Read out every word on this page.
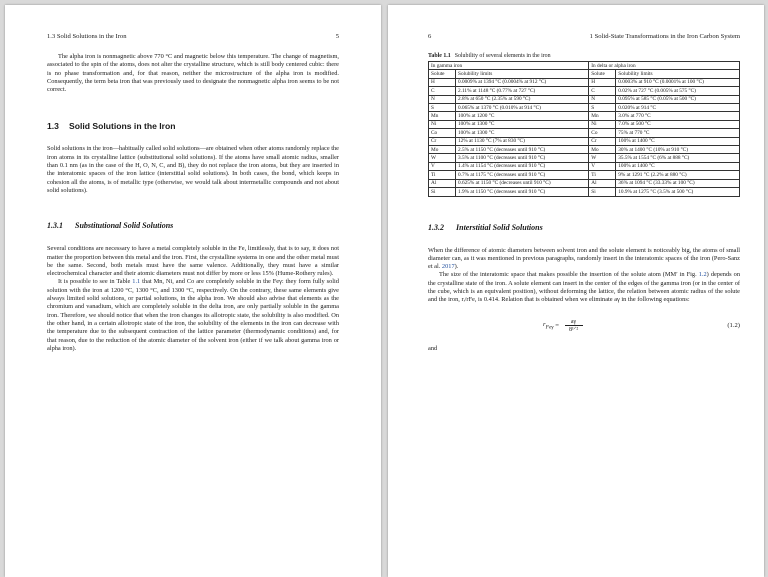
1.3 Solid Solutions in the Iron	5

The alpha iron is nonmagnetic above 770 °C and magnetic below this temperature. The change of magnetism, associated to the spin of the atoms, does not alter the crystalline structure, which is still body centered cubic: there is no phase transformation and, for that reason, neither the microstructure of the alpha iron is modified. Consequently, the term beta iron that was previously used to designate the nonmagnetic alpha iron seems to be not correct.

1.3 Solid Solutions in the Iron

Solid solutions in the iron—habitually called solid solutions—are obtained when other atoms randomly replace the iron atoms in its crystalline lattice (substitutional solid solutions). If the atoms have small atomic radius, smaller than 0.1 nm (as in the case of the H, O, N, C, and B), they do not replace the iron atoms, but they are inserted in the interatomic spaces of the iron lattice (interstitial solid solutions). In both cases, the bond, which keeps in cohesion all the atoms, is of metallic type (otherwise, we would talk about intermetallic compounds and not about solid solutions).

1.3.1 Substitutional Solid Solutions

Several conditions are necessary to have a metal completely soluble in the Fe, limitlessly, that is to say, it does not matter the proportion between this metal and the iron. First, the crystalline systems in one and the other metal must be the same. Second, both metals must have the same valence. Additionally, they must have a similar electrochemical character and their atomic diameters must not differ by more or less 15% (Hume-Rothery rules).

It is possible to see in Table 1.1 that Mn, Ni, and Co are completely soluble in the Feγ: they form fully solid solution with the iron at 1200 °C, 1300 °C, and 1300 °C, respectively. On the contrary, these same elements give always limited solid solutions, or partial solutions, in the alpha iron. We should also advise that elements as the chromium and vanadium, which are completely soluble in the delta iron, are only partially soluble in the gamma iron. Therefore, we should notice that when the iron changes its allotropic state, the solubility is also modified. On the other hand, in a certain allotropic state of the iron, the solubility of the elements in the iron can decrease with the temperature due to the subsequent contraction of the lattice parameter (thermodynamic conditions) and, for that reason, due to the reduction of the atomic diameter of the solvent iron (either if we talk about gamma iron or alpha iron).

6	1 Solid-State Transformations in the Iron Carbon System
Table 1.1 Solubility of several elements in the iron
In gamma iron		In delta or alpha iron	
Solute	Solubility limits	Solute	Solubility limits
H	0.0009% at 1394 °C (0.0004% at 912 °C)	H	0.0003% at 910 °C (0.0001% at 100 °C)
C	2.11% at 1148 °C (0.77% at 727 °C)	C	0.02% at 727 °C (0.005% at 575 °C)
N	2.8% at 650 °C (2.35% at 590 °C)	N	0.095% at 585 °C (0.05% at 500 °C)
S	0.065% at 1370 °C (0.010% at 914 °C)	S	0.020% at 914 °C
Mn	100% at 1200 °C	Mn	3.0% at 770 °C
Ni	100% at 1300 °C	Ni	7.0% at 500 °C
Co	100% at 1300 °C	Co	75% at 770 °C
Cr	12% at 1130 °C (7% at 830 °C)	Cr	100% at 1400 °C
Mo	2.5% at 1150 °C (decreases until 910 °C)	Mo	30% at 1400 °C (10% at 910 °C)
W	3.5% at 1100 °C (decreases until 910 °C)	W	35.5% at 1554 °C (6% at 888 °C)
V	1.4% at 1154 °C (decreases until 910 °C)	V	100% at 1400 °C
Ti	0.7% at 1175 °C (decreases until 910 °C)	Ti	9% at 1291 °C (2.2% at 880 °C)
Al	0.625% at 1150 °C (decreases until 910 °C)	Al	36% at 1094 °C (33.33% at 100 °C)
Si	1.9% at 1150 °C (decreases until 910 °C)	Si	10.9% at 1275 °C (3.5% at 500 °C)
1.3.2 Interstitial Solid Solutions

When the difference of atomic diameters between solvent iron and the solute element is noticeably big, the atoms of small diameter can, as it was mentioned in previous paragraphs, randomly insert in the interatomic spaces of the iron (Pero-Sanz et al. 2017).

The size of the interatomic space that makes possible the insertion of the solute atom (MM′ in Fig. 1.2) depends on the crystalline state of the iron. A solute element can insert in the center of the edges of the gamma iron (or in the center of the cube, which is an equivalent position), without deforming the lattice, the relation between atomic radius of the solute and the iron, rᵢ/rFe, is 0.414. Relation that is obtained when we eliminate aγ in the following equations:

$r_{Fe\gamma} = \frac{a\gamma}{\text{8¹ᐟ²}}$	(1.2)
and
